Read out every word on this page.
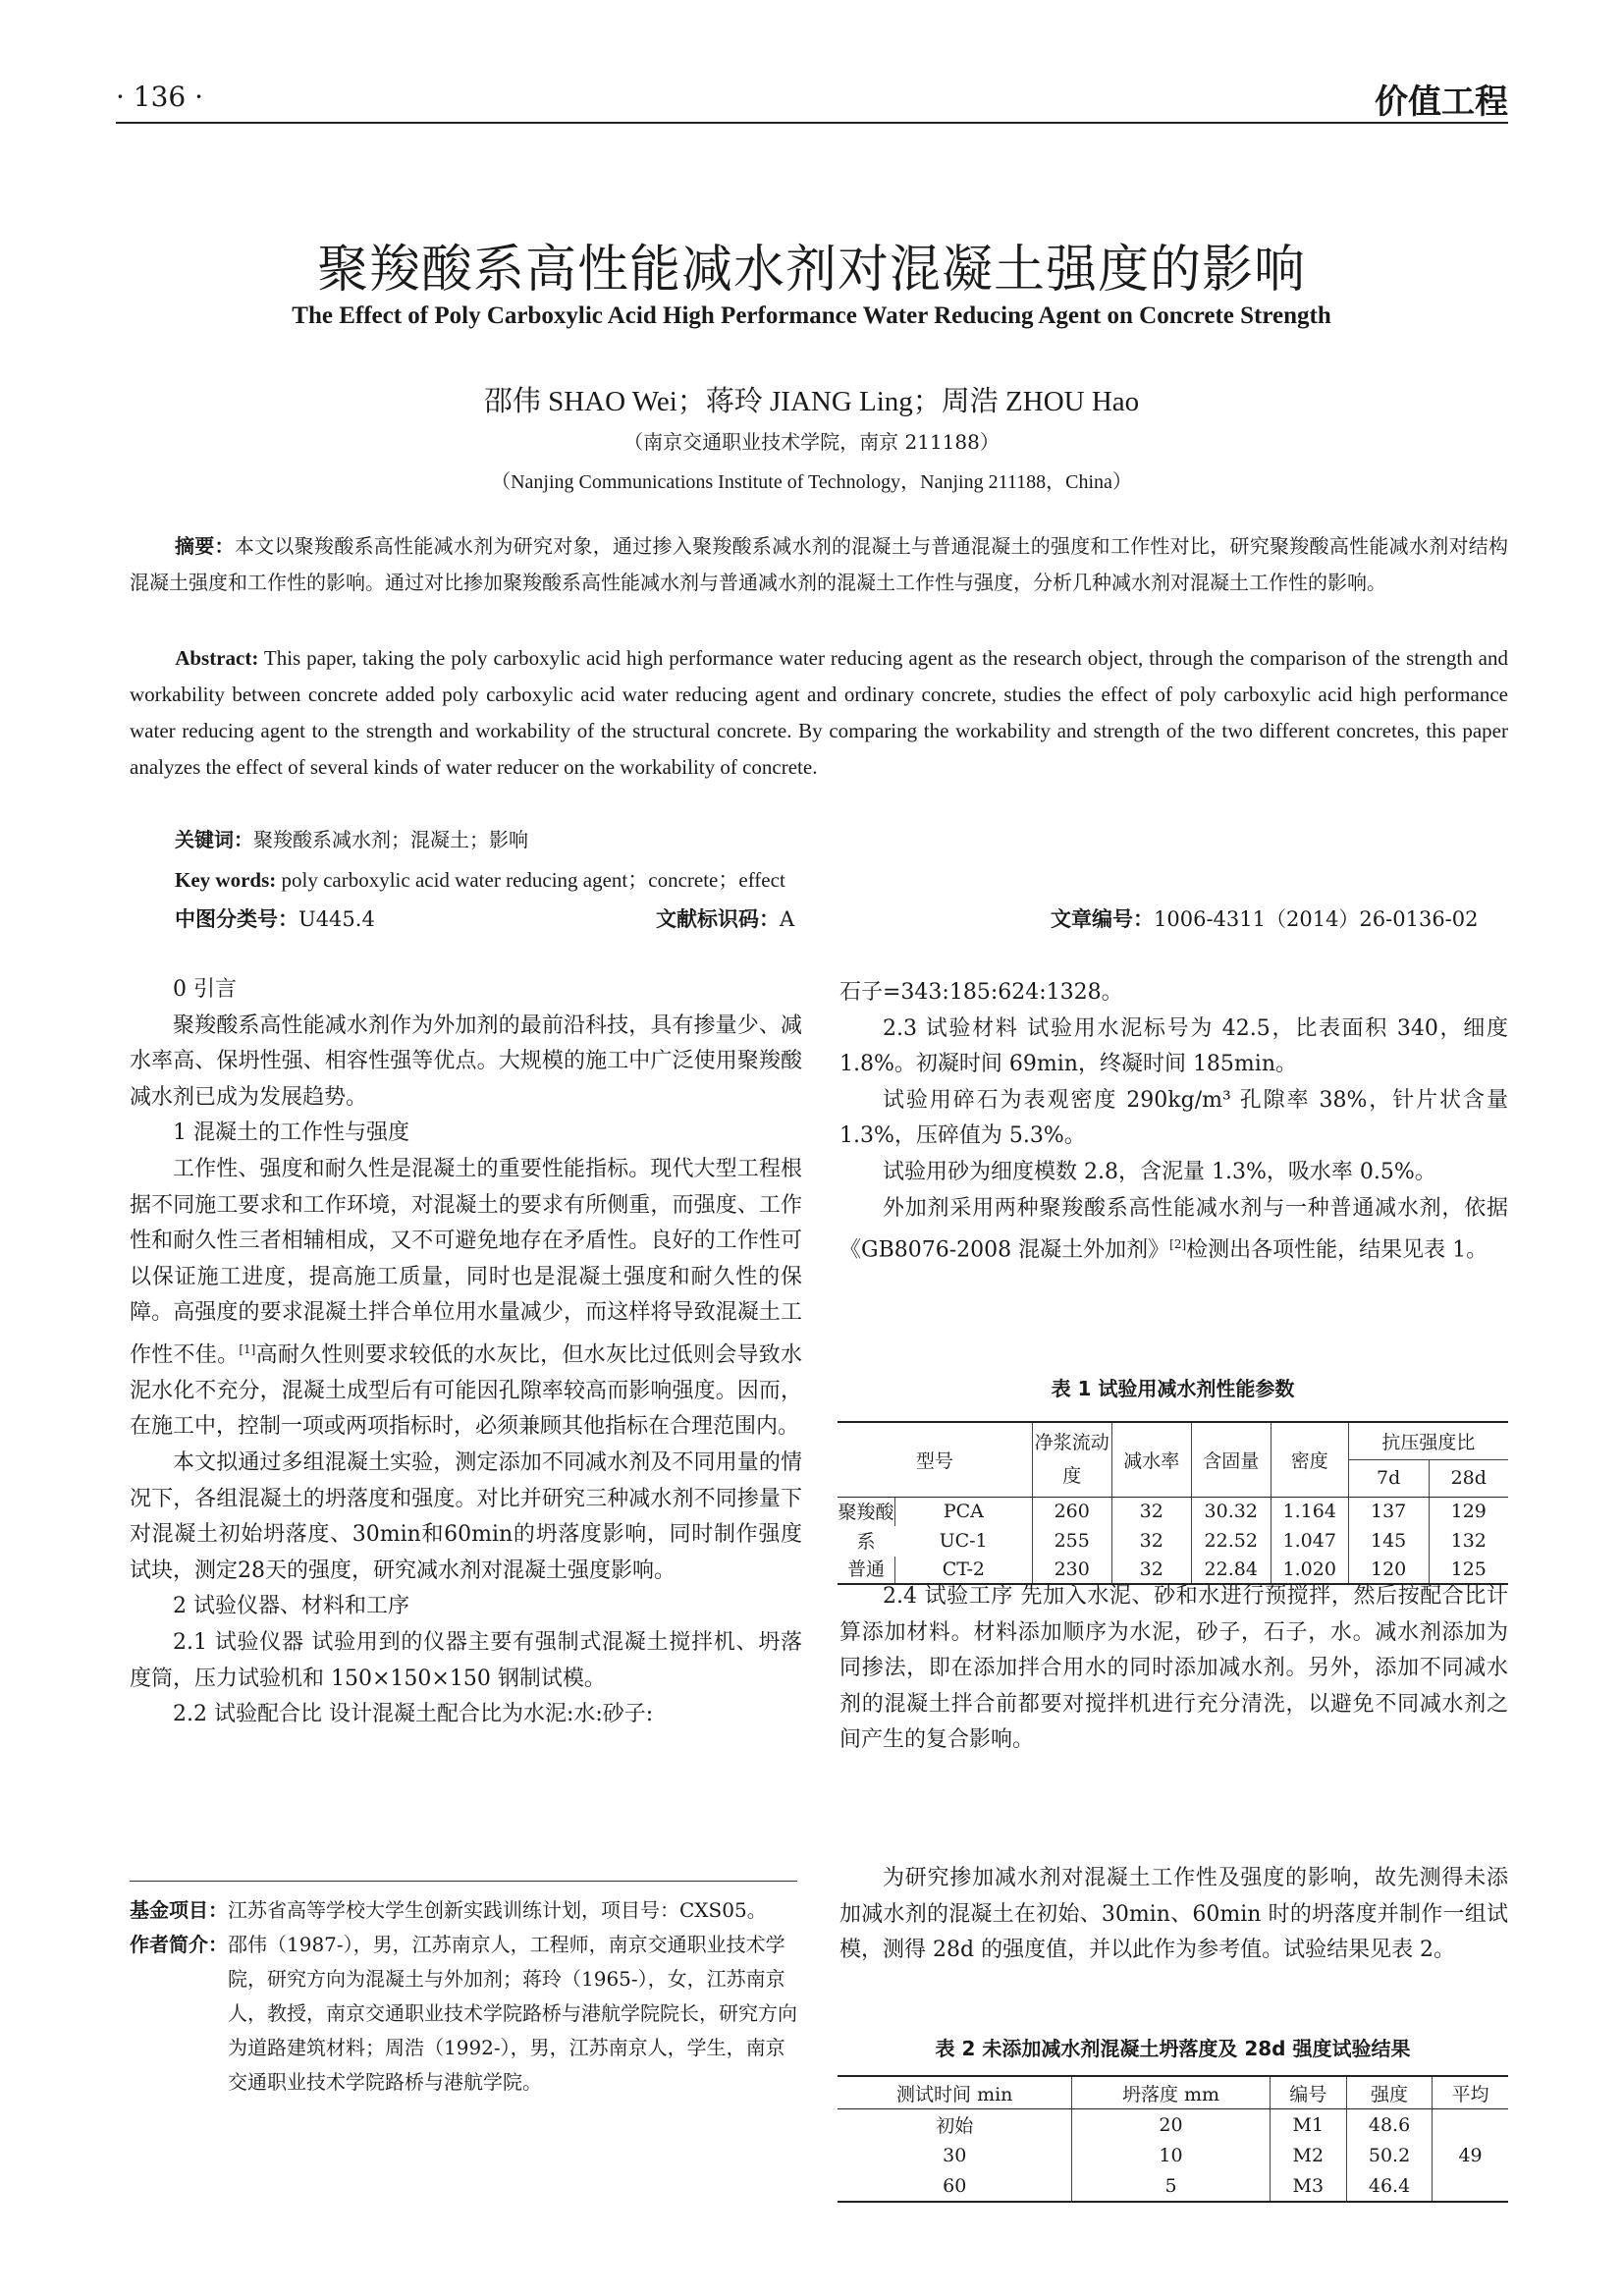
· 136 ·	价值工程
聚羧酸系高性能减水剂对混凝土强度的影响
The Effect of Poly Carboxylic Acid High Performance Water Reducing Agent on Concrete Strength
邵伟 SHAO Wei；蒋玲 JIANG Ling；周浩 ZHOU Hao
（南京交通职业技术学院，南京 211188）
（Nanjing Communications Institute of Technology，Nanjing 211188，China）
摘要：本文以聚羧酸系高性能减水剂为研究对象，通过掺入聚羧酸系减水剂的混凝土与普通混凝土的强度和工作性对比，研究聚羧酸高性能减水剂对结构混凝土强度和工作性的影响。通过对比掺加聚羧酸系高性能减水剂与普通减水剂的混凝土工作性与强度，分析几种减水剂对混凝土工作性的影响。
Abstract: This paper, taking the poly carboxylic acid high performance water reducing agent as the research object, through the comparison of the strength and workability between concrete added poly carboxylic acid water reducing agent and ordinary concrete, studies the effect of poly carboxylic acid high performance water reducing agent to the strength and workability of the structural concrete. By comparing the workability and strength of the two different concretes, this paper analyzes the effect of several kinds of water reducer on the workability of concrete.
关键词：聚羧酸系减水剂；混凝土；影响
Key words: poly carboxylic acid water reducing agent；concrete；effect
中图分类号：U445.4	文献标识码：A	文章编号：1006-4311（2014）26-0136-02
0 引言

聚羧酸系高性能减水剂作为外加剂的最前沿科技，具有掺量少、减水率高、保坍性强、相容性强等优点。大规模的施工中广泛使用聚羧酸减水剂已成为发展趋势。

1 混凝土的工作性与强度

工作性、强度和耐久性是混凝土的重要性能指标。现代大型工程根据不同施工要求和工作环境，对混凝土的要求有所侧重，而强度、工作性和耐久性三者相辅相成，又不可避免地存在矛盾性。良好的工作性可以保证施工进度，提高施工质量，同时也是混凝土强度和耐久性的保障。高强度的要求混凝土拌合单位用水量减少，而这样将导致混凝土工作性不佳。[1]高耐久性则要求较低的水灰比，但水灰比过低则会导致水泥水化不充分，混凝土成型后有可能因孔隙率较高而影响强度。因而，在施工中，控制一项或两项指标时，必须兼顾其他指标在合理范围内。

本文拟通过多组混凝土实验，测定添加不同减水剂及不同用量的情况下，各组混凝土的坍落度和强度。对比并研究三种减水剂不同掺量下对混凝土初始坍落度、30min和60min的坍落度影响，同时制作强度试块，测定28天的强度，研究减水剂对混凝土强度影响。

2 试验仪器、材料和工序

2.1 试验仪器 试验用到的仪器主要有强制式混凝土搅拌机、坍落度筒，压力试验机和 150×150×150 钢制试模。

2.2 试验配合比 设计混凝土配合比为水泥:水:砂子:

基金项目： 江苏省高等学校大学生创新实践训练计划，项目号：CXS05。
作者简介： 邵伟（1987-），男，江苏南京人，工程师，南京交通职业技术学院，研究方向为混凝土与外加剂；蒋玲（1965-），女，江苏南京人，教授，南京交通职业技术学院路桥与港航学院院长，研究方向为道路建筑材料；周浩（1992-），男，江苏南京人，学生，南京交通职业技术学院路桥与港航学院。

石子=343:185:624:1328。

2.3 试验材料 试验用水泥标号为 42.5，比表面积 340，细度 1.8%。初凝时间 69min，终凝时间 185min。

试验用碎石为表观密度 290kg/m³ 孔隙率 38%，针片状含量 1.3%，压碎值为 5.3%。

试验用砂为细度模数 2.8，含泥量 1.3%，吸水率 0.5%。

外加剂采用两种聚羧酸系高性能减水剂与一种普通减水剂，依据《GB8076-2008 混凝土外加剂》[2]检测出各项性能，结果见表 1。

表 1 试验用减水剂性能参数
型号		净浆流动度	减水率	含固量	密度	抗压强度比	
						7d	28d
聚羧酸系	PCA	260	32	30.32	1.164	137	129
	UC-1	255	32	22.52	1.047	145	132
普通	CT-2	230	32	22.84	1.020	120	125

2.4 试验工序 先加入水泥、砂和水进行预搅拌，然后按配合比计算添加材料。材料添加顺序为水泥，砂子，石子，水。减水剂添加为同掺法，即在添加拌合用水的同时添加减水剂。另外，添加不同减水剂的混凝土拌合前都要对搅拌机进行充分清洗，以避免不同减水剂之间产生的复合影响。

为研究掺加减水剂对混凝土工作性及强度的影响，故先测得未添加减水剂的混凝土在初始、30min、60min 时的坍落度并制作一组试模，测得 28d 的强度值，并以此作为参考值。试验结果见表 2。

表 2 未添加减水剂混凝土坍落度及 28d 强度试验结果
测试时间 min	坍落度 mm	编号	强度	平均
初始	20	M1	48.6	49
30	10	M2	50.2	
60	5	M3	46.4	
